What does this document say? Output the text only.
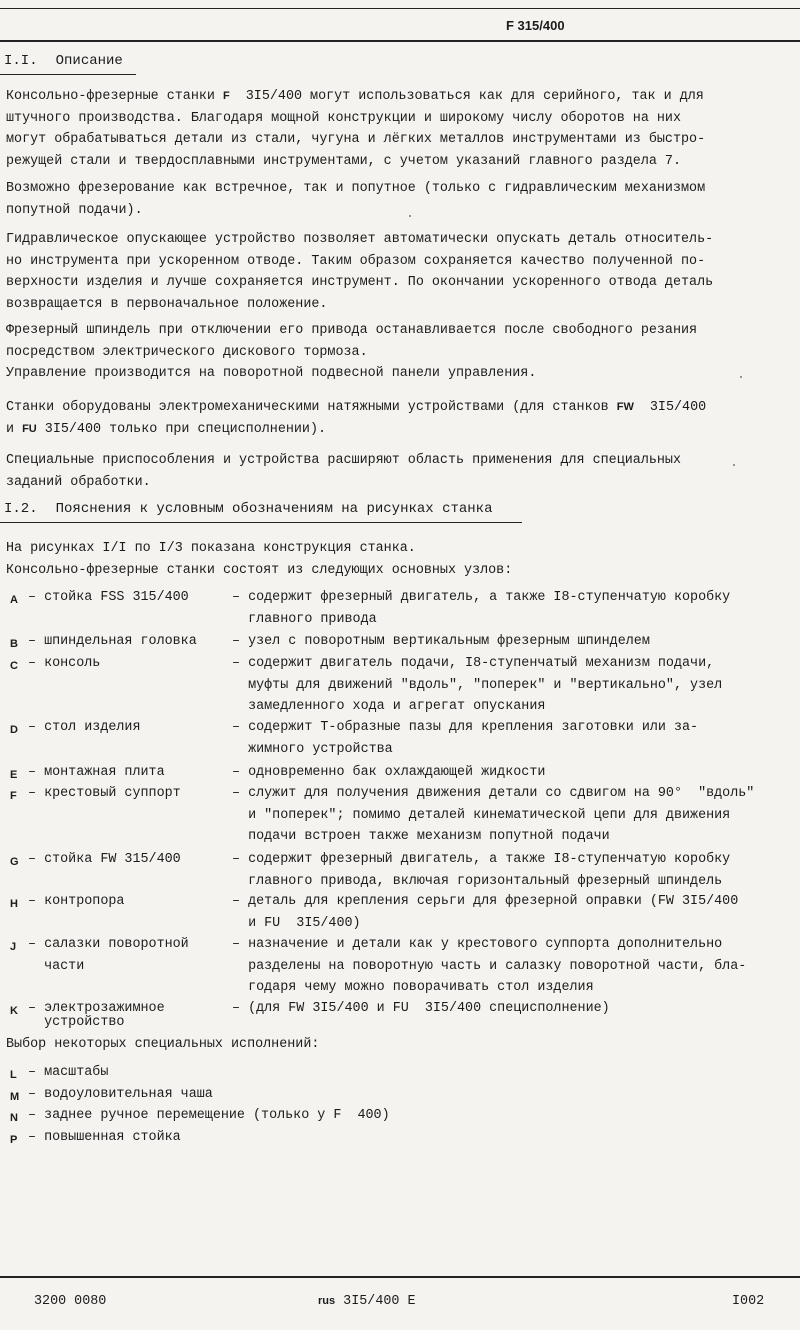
F 315/400
I.I. Описание
Консольно-фрезерные станки F  3I5/400 могут использоваться как для серийного, так и для
штучного производства. Благодаря мощной конструкции и широкому числу оборотов на них
могут обрабатываться детали из стали, чугуна и лёгких металлов инструментами из быстро-
режущей стали и твердосплавными инструментами, с учетом указаний главного раздела 7.
Возможно фрезерование как встречное, так и попутное (только с гидравлическим механизмом
попутной подачи).
Гидравлическое опускающее устройство позволяет автоматически опускать деталь относитель-
но инструмента при ускоренном отводе. Таким образом сохраняется качество полученной по-
верхности изделия и лучше сохраняется инструмент. По окончании ускоренного отвода деталь
возвращается в первоначальное положение.
Фрезерный шпиндель при отключении его привода останавливается после свободного резания
посредством электрического дискового тормоза.
Управление производится на поворотной подвесной панели управления.
Станки оборудованы электромеханическими натяжными устройствами (для станков FW  3I5/400
и FU 3I5/400 только при специсполнении).
Специальные приспособления и устройства расширяют область применения для специальных
заданий обработки.
I.2. Пояснения к условным обозначениям на рисунках станка
На рисунках I/I по I/3 показана конструкция станка.
Консольно-фрезерные станки состоят из следующих основных узлов:
A – стойка FSS 315/400	– содержит фрезерный двигатель, а также I8-ступенчатую коробку
главного привода
B – шпиндельная головка	– узел с поворотным вертикальным фрезерным шпинделем
C – консоль	– содержит двигатель подачи, I8-ступенчатый механизм подачи,
муфты для движений "вдоль", "поперек" и "вертикально", узел
замедленного хода и агрегат опускания
D – стол изделия	– содержит Т-образные пазы для крепления заготовки или за-
жимного устройства
E – монтажная плита	– одновременно бак охлаждающей жидкости
F – крестовый суппорт	– служит для получения движения детали со сдвигом на 90°  "вдоль"
и "поперек"; помимо деталей кинематической цепи для движения
подачи встроен также механизм попутной подачи
G – стойка FW 315/400	– содержит фрезерный двигатель, а также I8-ступенчатую коробку
главного привода, включая горизонтальный фрезерный шпиндель
H – контропора	– деталь для крепления серьги для фрезерной оправки (FW 3I5/400
и FU  3I5/400)
J – салазки поворотной
части
– назначение и детали как у крестового суппорта дополнительно
разделены на поворотную часть и салазку поворотной части, бла-
годаря чему можно поворачивать стол изделия
K – электрозажимное
устройство
– (для FW 3I5/400 и FU  3I5/400 специсполнение)
Выбор некоторых специальных исполнений:
L – масштабы
M – водоуловительная чаша
N – заднее ручное перемещение (только у F  400)
P – повышенная стойка
3200 0080	rus 3I5/400 E	I002
